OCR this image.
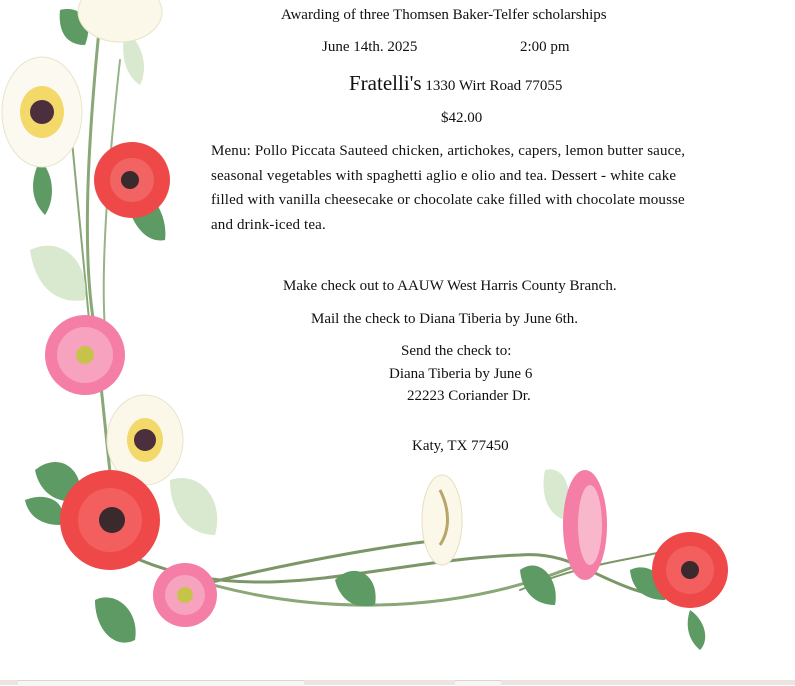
Awarding of three Thomsen Baker-Telfer scholarships
June 14th. 2025	2:00 pm
Fratelli's 1330 Wirt Road 77055
$42.00
Menu: Pollo Piccata Sauteed chicken, artichokes, capers, lemon butter sauce, seasonal vegetables with spaghetti aglio e olio and tea. Dessert - white cake filled with vanilla cheesecake or chocolate cake filled with chocolate mousse and drink-iced tea.
Make check out to AAUW West Harris County Branch.
Mail the check to Diana Tiberia by June 6th.
Send the check to:
Diana Tiberia by June 6
22223 Coriander Dr.
Katy, TX 77450
